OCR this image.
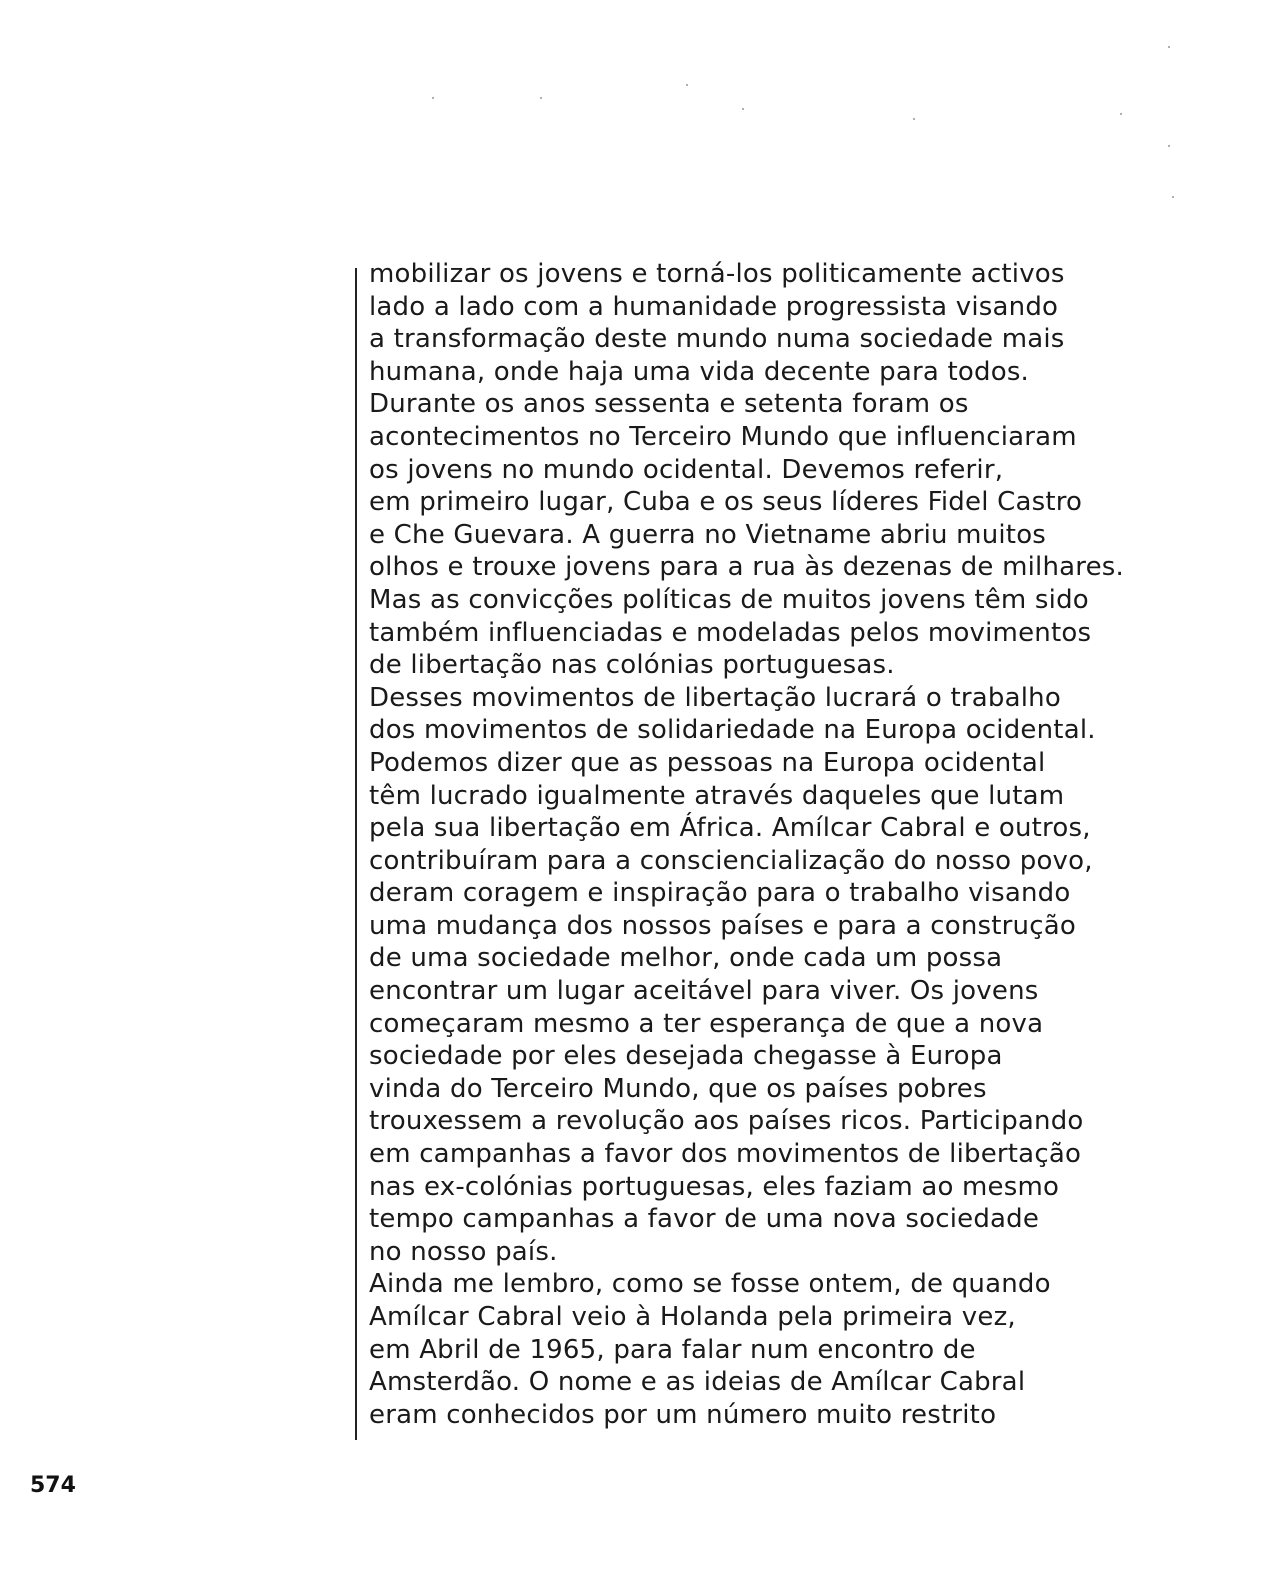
mobilizar os jovens e torná-los politicamente activos
lado a lado com a humanidade progressista visando
a transformação deste mundo numa sociedade mais
humana, onde haja uma vida decente para todos.
Durante os anos sessenta e setenta foram os
acontecimentos no Terceiro Mundo que influenciaram
os jovens no mundo ocidental. Devemos referir,
em primeiro lugar, Cuba e os seus líderes Fidel Castro
e Che Guevara. A guerra no Vietname abriu muitos
olhos e trouxe jovens para a rua às dezenas de milhares.
Mas as convicções políticas de muitos jovens têm sido
também influenciadas e modeladas pelos movimentos
de libertação nas colónias portuguesas.
Desses movimentos de libertação lucrará o trabalho
dos movimentos de solidariedade na Europa ocidental.
Podemos dizer que as pessoas na Europa ocidental
têm lucrado igualmente através daqueles que lutam
pela sua libertação em África. Amílcar Cabral e outros,
contribuíram para a consciencialização do nosso povo,
deram coragem e inspiração para o trabalho visando
uma mudança dos nossos países e para a construção
de uma sociedade melhor, onde cada um possa
encontrar um lugar aceitável para viver. Os jovens
começaram mesmo a ter esperança de que a nova
sociedade por eles desejada chegasse à Europa
vinda do Terceiro Mundo, que os países pobres
trouxessem a revolução aos países ricos. Participando
em campanhas a favor dos movimentos de libertação
nas ex-colónias portuguesas, eles faziam ao mesmo
tempo campanhas a favor de uma nova sociedade
no nosso país.
Ainda me lembro, como se fosse ontem, de quando
Amílcar Cabral veio à Holanda pela primeira vez,
em Abril de 1965, para falar num encontro de
Amsterdão. O nome e as ideias de Amílcar Cabral
eram conhecidos por um número muito restrito
574
